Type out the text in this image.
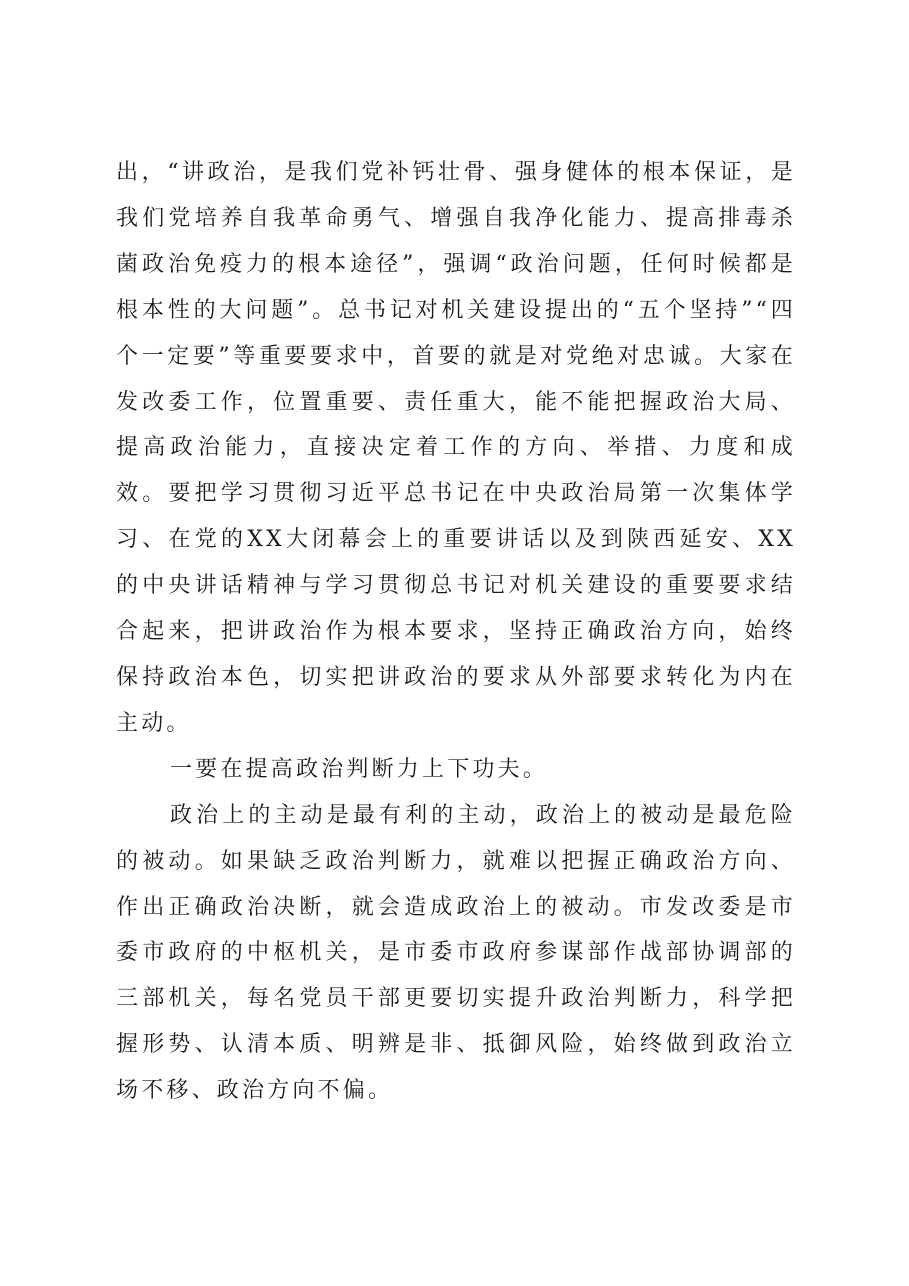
出，“讲政治，是我们党补钙壮骨、强身健体的根本保证，是我们党培养自我革命勇气、增强自我净化能力、提高排毒杀菌政治免疫力的根本途径”，强调“政治问题，任何时候都是根本性的大问题”。总书记对机关建设提出的“五个坚持”“四个一定要”等重要要求中，首要的就是对党绝对忠诚。大家在发改委工作，位置重要、责任重大，能不能把握政治大局、提高政治能力，直接决定着工作的方向、举措、力度和成效。要把学习贯彻习近平总书记在中央政治局第一次集体学习、在党的XX大闭幕会上的重要讲话以及到陕西延安、XX的中央讲话精神与学习贯彻总书记对机关建设的重要要求结合起来，把讲政治作为根本要求，坚持正确政治方向，始终保持政治本色，切实把讲政治的要求从外部要求转化为内在主动。

一要在提高政治判断力上下功夫。

政治上的主动是最有利的主动，政治上的被动是最危险的被动。如果缺乏政治判断力，就难以把握正确政治方向、作出正确政治决断，就会造成政治上的被动。市发改委是市委市政府的中枢机关，是市委市政府参谋部作战部协调部的三部机关，每名党员干部更要切实提升政治判断力，科学把握形势、认清本质、明辨是非、抵御风险，始终做到政治立场不移、政治方向不偏。
